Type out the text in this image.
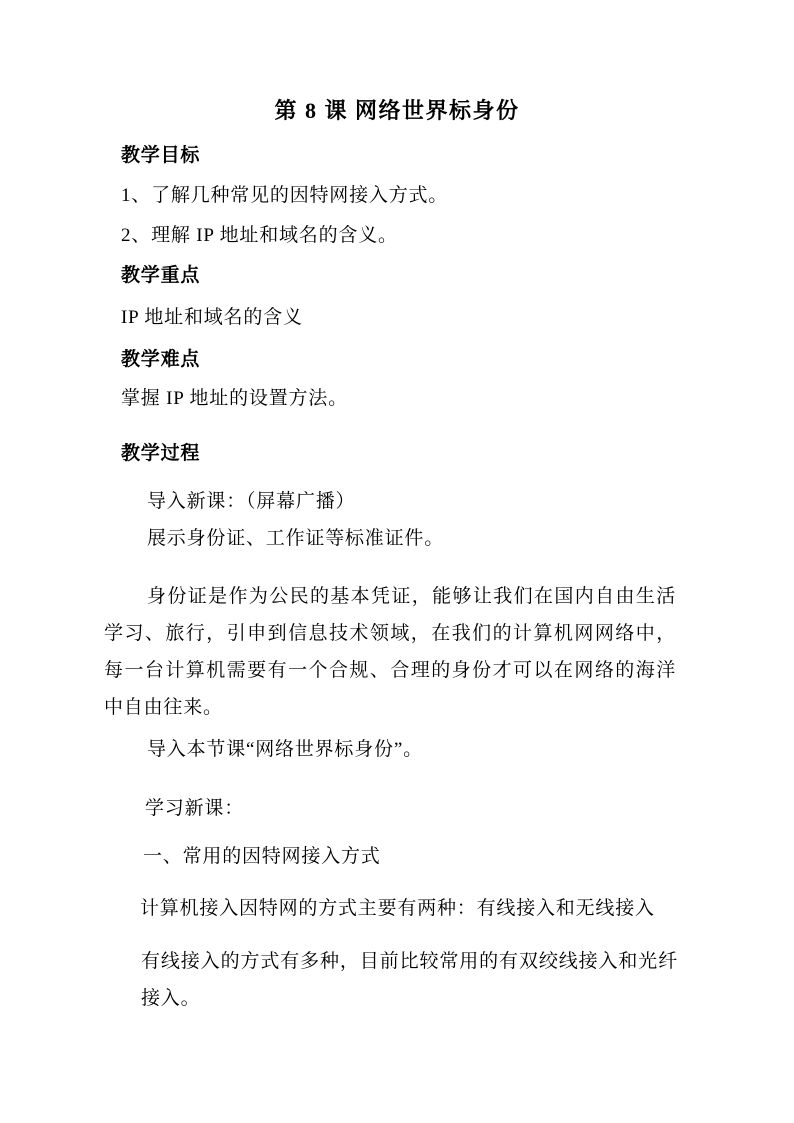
第 8 课 网络世界标身份
教学目标
1、了解几种常见的因特网接入方式。
2、理解 IP 地址和域名的含义。
教学重点
IP 地址和域名的含义
教学难点
掌握 IP 地址的设置方法。
教学过程
导入新课：（屏幕广播）
展示身份证、工作证等标准证件。
身份证是作为公民的基本凭证，能够让我们在国内自由生活学习、旅行，引申到信息技术领域，在我们的计算机网网络中，每一台计算机需要有一个合规、合理的身份才可以在网络的海洋中自由往来。
导入本节课“网络世界标身份”。
学习新课：
一、常用的因特网接入方式
计算机接入因特网的方式主要有两种：有线接入和无线接入
有线接入的方式有多种，目前比较常用的有双绞线接入和光纤接入。
